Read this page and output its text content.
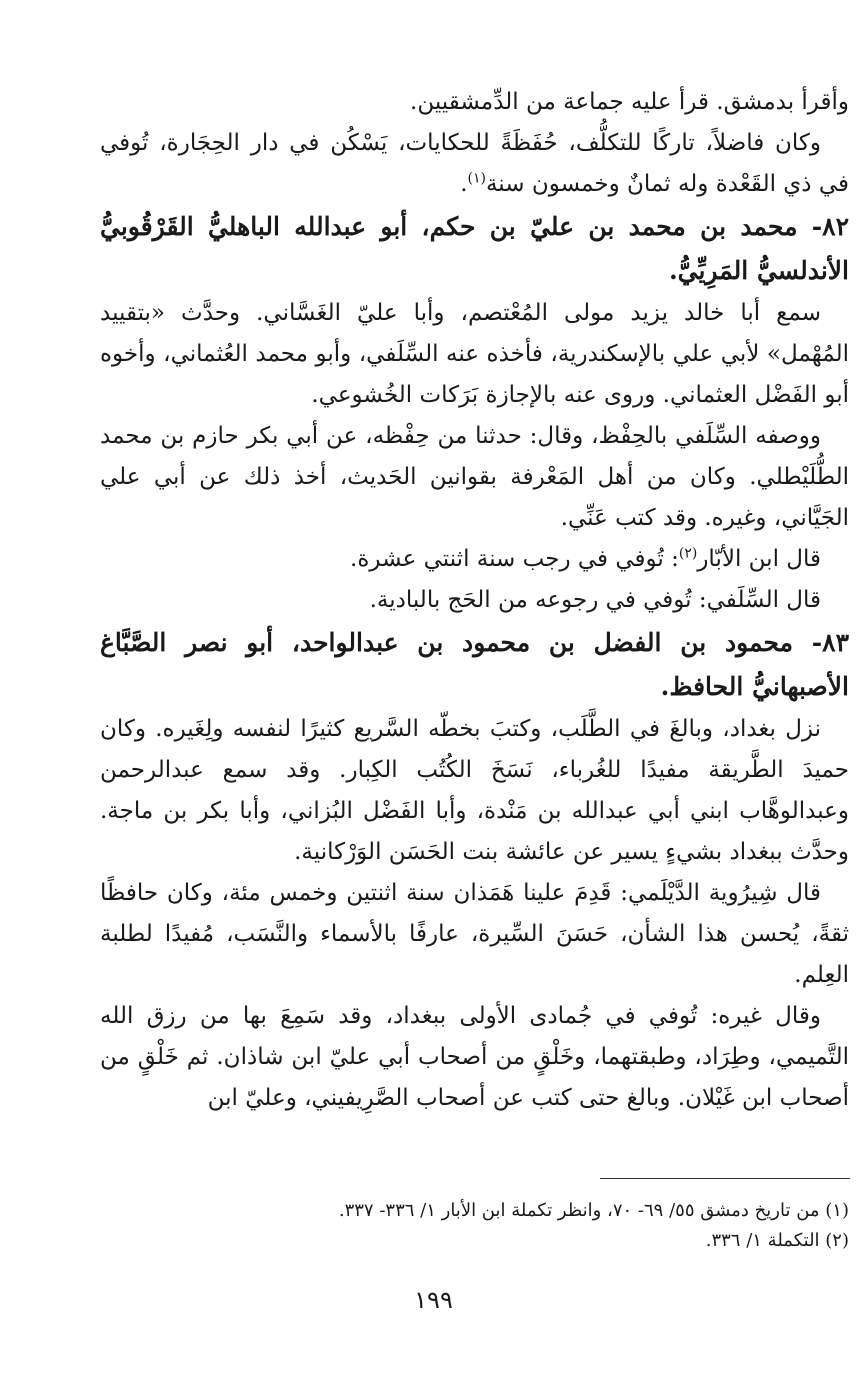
وأقرأ بدمشق. قرأ عليه جماعة من الدِّمشقيين.

وكان فاضلاً، تاركًا للتكلُّف، حُفَظَةً للحكايات، يَسْكُن في دار الحِجَارة، تُوفي في ذي القَعْدة وله ثمانٌ وخمسون سنة$^{(١)}$.

٨٢- محمد بن محمد بن عليّ بن حكم، أبو عبدالله الباهليُّ القَرْقُوبيُّ الأندلسيُّ المَرِيِّيُّ.

سمع أبا خالد يزيد مولى المُعْتصم، وأبا عليّ الغَسَّاني. وحدَّث «بتقييد المُهْمل» لأبي علي بالإسكندرية، فأخذه عنه السِّلَفي، وأبو محمد العُثماني، وأخوه أبو الفَضْل العثماني. وروى عنه بالإجازة بَرَكات الخُشوعي.

ووصفه السِّلَفي بالحِفْظ، وقال: حدثنا من حِفْظه، عن أبي بكر حازم بن محمد الطُّلَيْطلي. وكان من أهل المَعْرفة بقوانين الحَديث، أخذ ذلك عن أبي علي الجَيَّاني، وغيره. وقد كتب عَنِّي.

قال ابن الأبّار$^{(٢)}$: تُوفي في رجب سنة اثنتي عشرة.

قال السِّلَفي: تُوفي في رجوعه من الحَج بالبادية.

٨٣- محمود بن الفضل بن محمود بن عبدالواحد، أبو نصر الصَّبَّاغ الأصبهانيُّ الحافظ.

نزل بغداد، وبالغَ في الطَّلَب، وكتبَ بخطّه السَّريع كثيرًا لنفسه ولِغَيره. وكان حميدَ الطَّريقة مفيدًا للغُرباء، نَسَخَ الكُتُب الكِبار. وقد سمع عبدالرحمن وعبدالوهَّاب ابني أبي عبدالله بن مَنْدة، وأبا الفَضْل البُزاني، وأبا بكر بن ماجة. وحدَّث ببغداد بشيءٍ يسير عن عائشة بنت الحَسَن الوَرْكانية.

قال شِيرُوية الدَّيْلَمي: قَدِمَ علينا هَمَذان سنة اثنتين وخمس مئة، وكان حافظًا ثقةً، يُحسن هذا الشأن، حَسَنَ السِّيرة، عارفًا بالأسماء والنَّسَب، مُفيدًا لطلبة العِلم.

وقال غيره: تُوفي في جُمادى الأولى ببغداد، وقد سَمِعَ بها من رزق الله التَّميمي، وطِرَاد، وطبقتهما، وخَلْقٍ من أصحاب أبي عليّ ابن شاذان. ثم خَلْقٍ من أصحاب ابن غَيْلان. وبالغ حتى كتب عن أصحاب الصَّرِيفيني، وعليّ ابن

(١) من تاريخ دمشق ٥٥/ ٦٩- ٧٠، وانظر تكملة ابن الأبار ١/ ٣٣٦- ٣٣٧.

(٢) التكملة ١/ ٣٣٦.

١٩٩
